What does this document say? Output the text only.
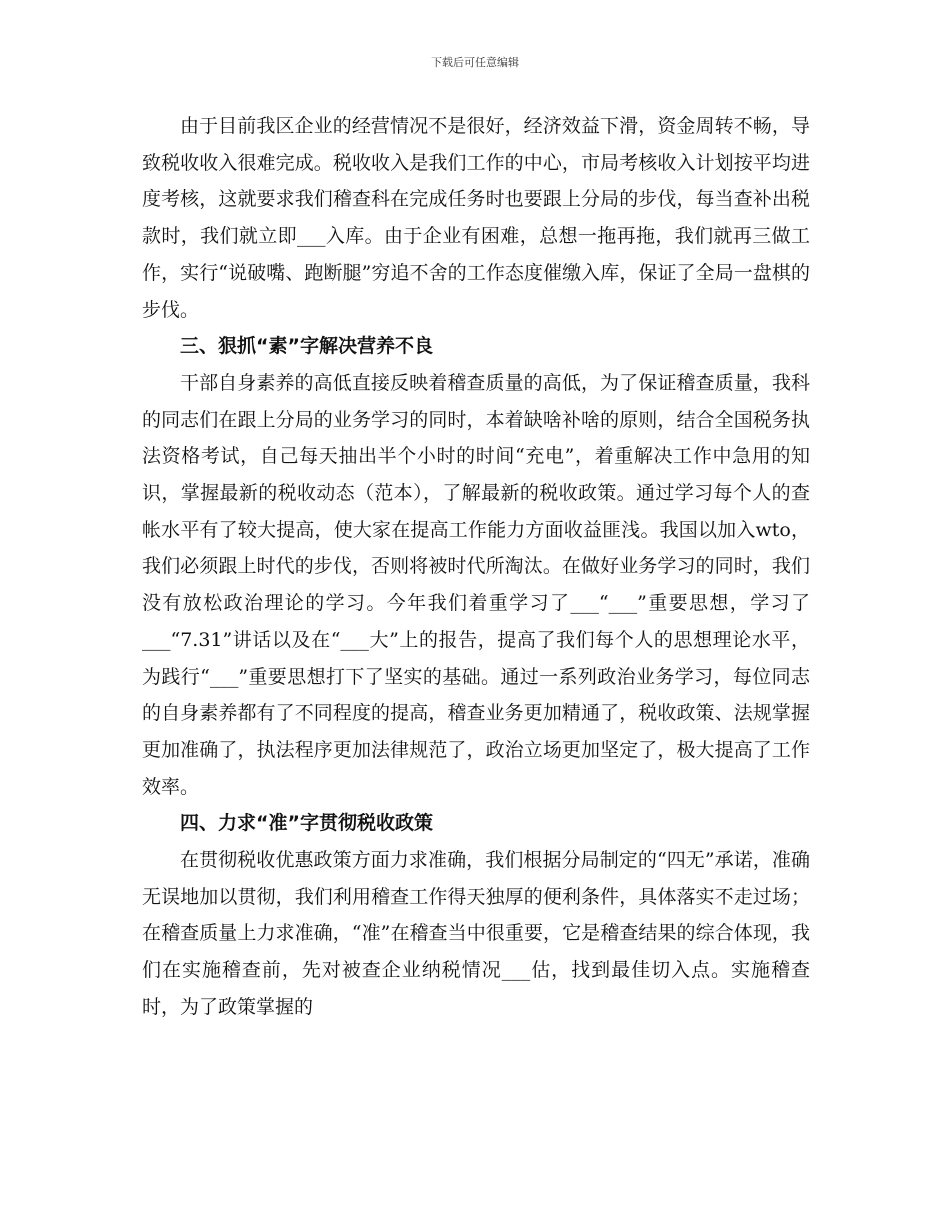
下载后可任意编辑

由于目前我区企业的经营情况不是很好，经济效益下滑，资金周转不畅，导致税收收入很难完成。税收收入是我们工作的中心，市局考核收入计划按平均进度考核，这就要求我们稽查科在完成任务时也要跟上分局的步伐，每当查补出税款时，我们就立即___入库。由于企业有困难，总想一拖再拖，我们就再三做工作，实行“说破嘴、跑断腿”穷追不舍的工作态度催缴入库，保证了全局一盘棋的步伐。

三、狠抓“素”字解决营养不良

干部自身素养的高低直接反映着稽查质量的高低，为了保证稽查质量，我科的同志们在跟上分局的业务学习的同时，本着缺啥补啥的原则，结合全国税务执法资格考试，自己每天抽出半个小时的时间“充电”，着重解决工作中急用的知识，掌握最新的税收动态（范本），了解最新的税收政策。通过学习每个人的查帐水平有了较大提高，使大家在提高工作能力方面收益匪浅。我国以加入wto，我们必须跟上时代的步伐，否则将被时代所淘汰。在做好业务学习的同时，我们没有放松政治理论的学习。今年我们着重学习了___“___”重要思想，学习了___“7.31”讲话以及在“___大”上的报告，提高了我们每个人的思想理论水平，为践行“___”重要思想打下了坚实的基础。通过一系列政治业务学习，每位同志的自身素养都有了不同程度的提高，稽查业务更加精通了，税收政策、法规掌握更加准确了，执法程序更加法律规范了，政治立场更加坚定了，极大提高了工作效率。

四、力求“准”字贯彻税收政策

在贯彻税收优惠政策方面力求准确，我们根据分局制定的“四无”承诺，准确无误地加以贯彻，我们利用稽查工作得天独厚的便利条件，具体落实不走过场；在稽查质量上力求准确，“准”在稽查当中很重要，它是稽查结果的综合体现，我们在实施稽查前，先对被查企业纳税情况___估，找到最佳切入点。实施稽查时，为了政策掌握的
